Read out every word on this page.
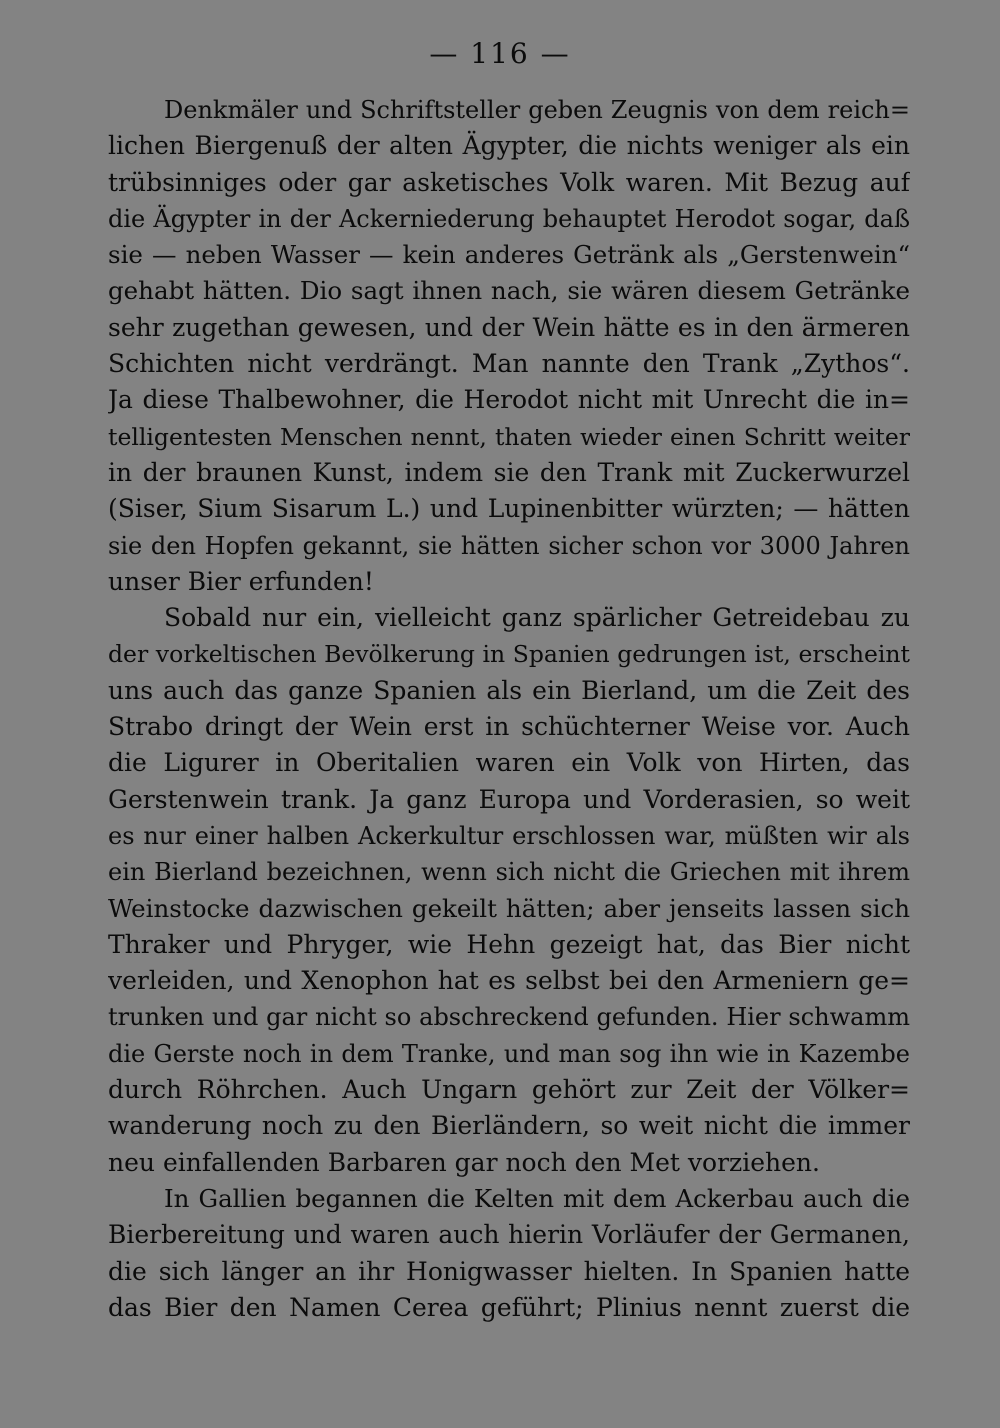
— 116 —
Denkmäler und Schriftsteller geben Zeugnis von dem reich=
lichen Biergenuß der alten Ägypter, die nichts weniger als ein
trübsinniges oder gar asketisches Volk waren. Mit Bezug auf
die Ägypter in der Ackerniederung behauptet Herodot sogar, daß
sie — neben Wasser — kein anderes Getränk als „Gerstenwein“
gehabt hätten. Dio sagt ihnen nach, sie wären diesem Getränke
sehr zugethan gewesen, und der Wein hätte es in den ärmeren
Schichten nicht verdrängt. Man nannte den Trank „Zythos“.
Ja diese Thalbewohner, die Herodot nicht mit Unrecht die in=
telligentesten Menschen nennt, thaten wieder einen Schritt weiter
in der braunen Kunst, indem sie den Trank mit Zuckerwurzel
(Siser, Sium Sisarum L.) und Lupinenbitter würzten; — hätten
sie den Hopfen gekannt, sie hätten sicher schon vor 3000 Jahren
unser Bier erfunden!
Sobald nur ein, vielleicht ganz spärlicher Getreidebau zu
der vorkeltischen Bevölkerung in Spanien gedrungen ist, erscheint
uns auch das ganze Spanien als ein Bierland, um die Zeit des
Strabo dringt der Wein erst in schüchterner Weise vor. Auch
die Ligurer in Oberitalien waren ein Volk von Hirten, das
Gerstenwein trank. Ja ganz Europa und Vorderasien, so weit
es nur einer halben Ackerkultur erschlossen war, müßten wir als
ein Bierland bezeichnen, wenn sich nicht die Griechen mit ihrem
Weinstocke dazwischen gekeilt hätten; aber jenseits lassen sich
Thraker und Phryger, wie Hehn gezeigt hat, das Bier nicht
verleiden, und Xenophon hat es selbst bei den Armeniern ge=
trunken und gar nicht so abschreckend gefunden. Hier schwamm
die Gerste noch in dem Tranke, und man sog ihn wie in Kazembe
durch Röhrchen. Auch Ungarn gehört zur Zeit der Völker=
wanderung noch zu den Bierländern, so weit nicht die immer
neu einfallenden Barbaren gar noch den Met vorziehen.
In Gallien begannen die Kelten mit dem Ackerbau auch die
Bierbereitung und waren auch hierin Vorläufer der Germanen,
die sich länger an ihr Honigwasser hielten. In Spanien hatte
das Bier den Namen Cerea geführt; Plinius nennt zuerst die
